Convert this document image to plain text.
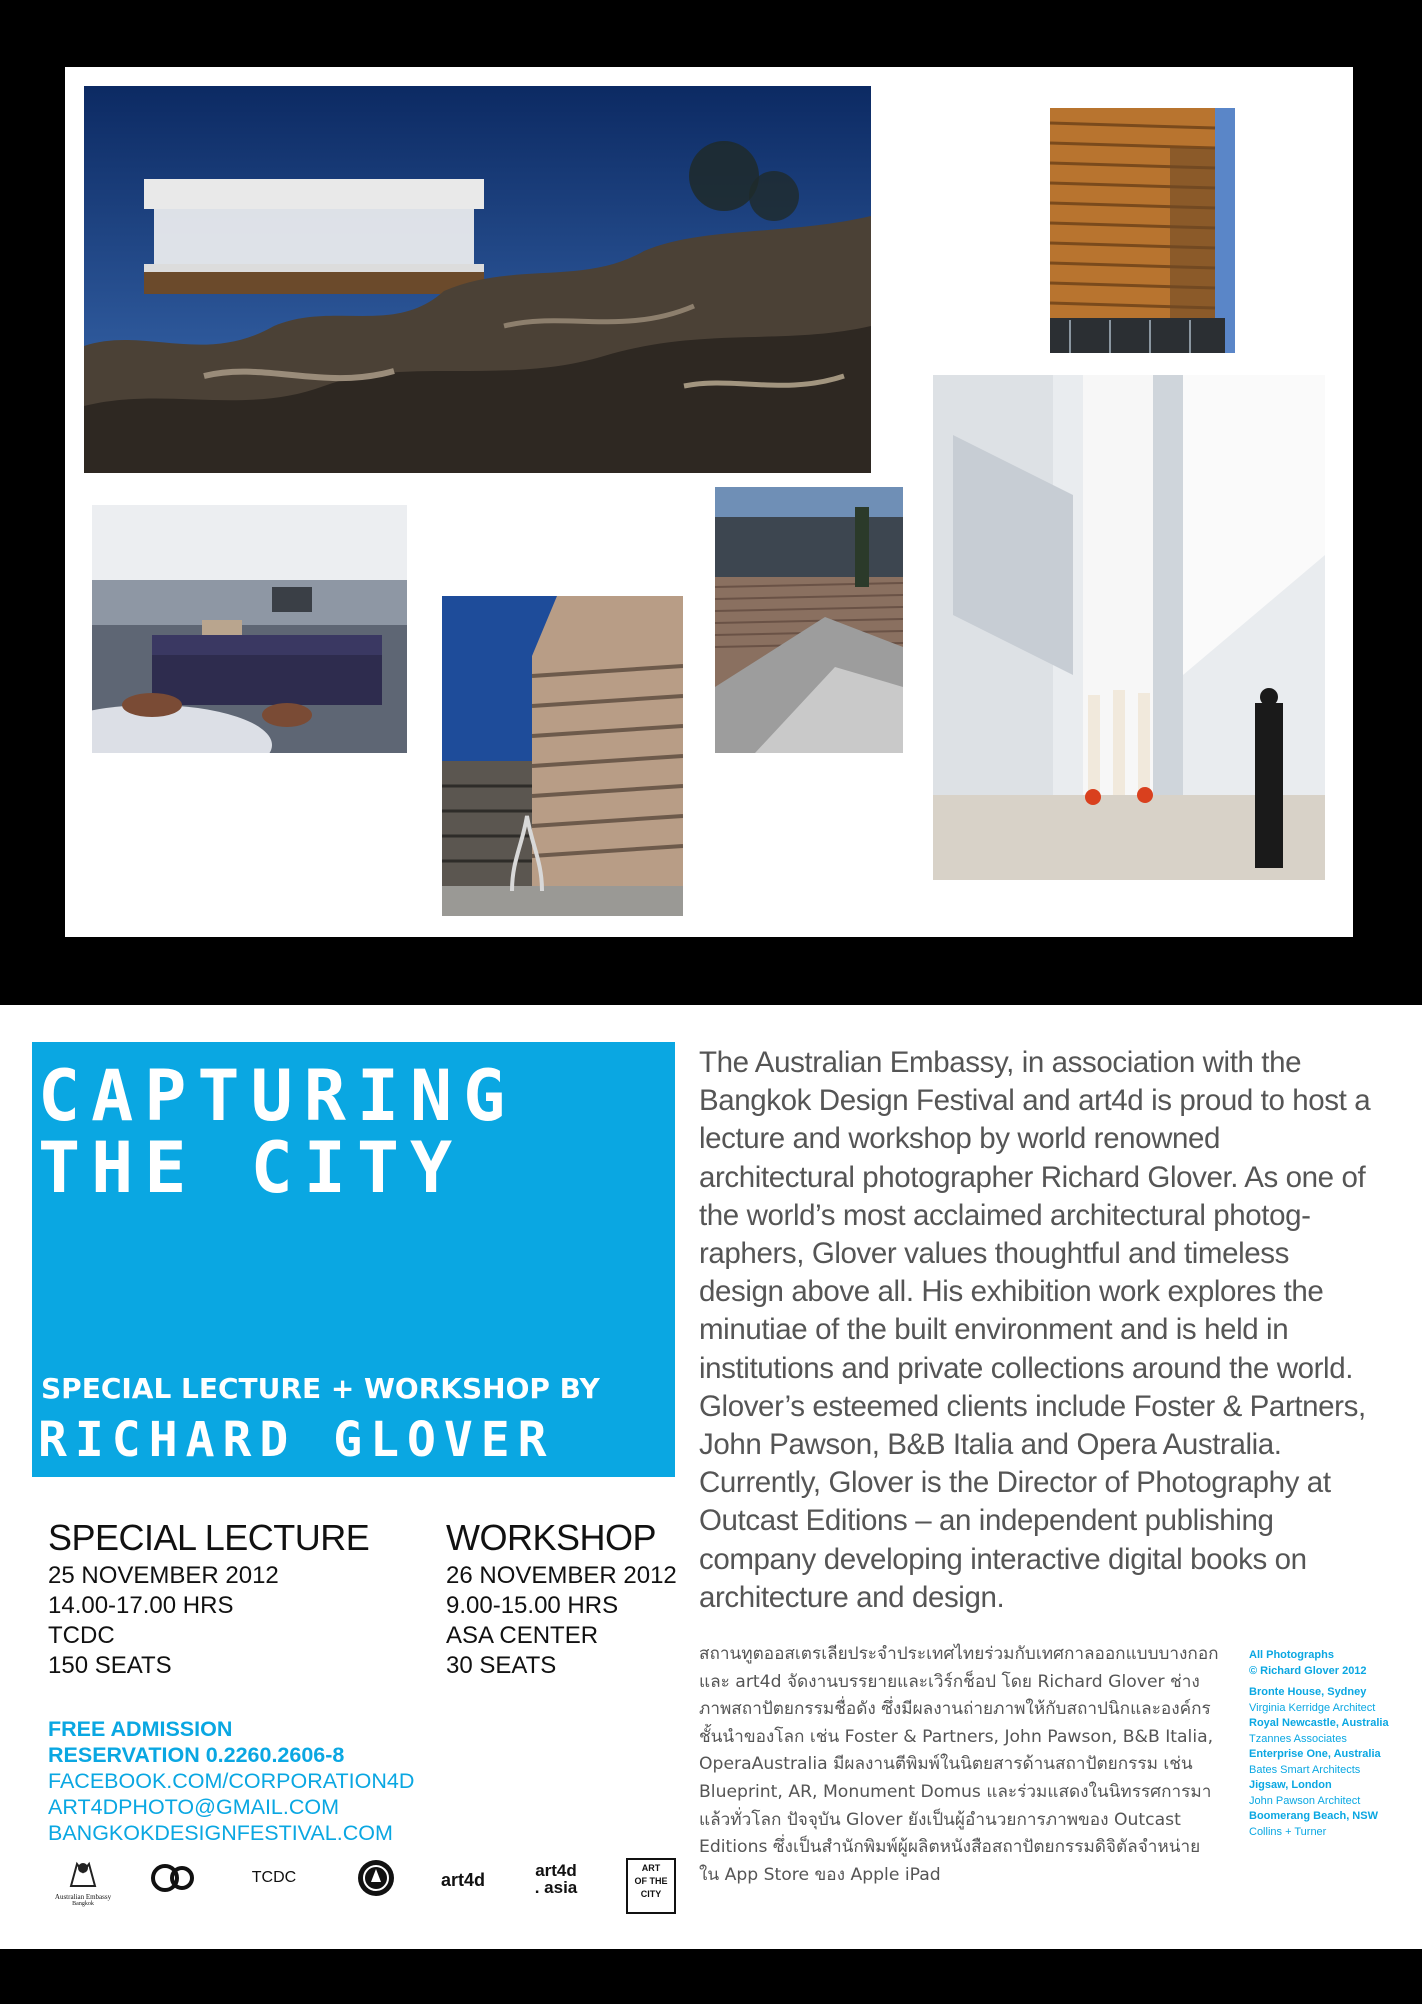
CAPTURING
THE CITY
SPECIAL LECTURE + WORKSHOP BY
RICHARD GLOVER
SPECIAL LECTURE
25 NOVEMBER 2012
14.00-17.00 HRS
TCDC
150 SEATS
WORKSHOP
26 NOVEMBER 2012
9.00-15.00 HRS
ASA CENTER
30 SEATS
FREE ADMISSION
RESERVATION 0.2260.2606-8
FACEBOOK.COM/CORPORATION4D
ART4DPHOTO@GMAIL.COM
BANGKOKDESIGNFESTIVAL.COM
Australian Embassy
Bangkok
TCDC	art4d	art4d
. asia
ART
OF THE
CITY
The Australian Embassy, in association with the Bangkok Design Festival and art4d is proud to host a lecture and workshop by world renowned architectural photographer Richard Glover. As one of the world’s most acclaimed architectural photog-raphers, Glover values thoughtful and timeless design above all. His exhibition work explores the minutiae of the built environment and is held in institutions and private collections around the world. Glover’s esteemed clients include Foster & Partners, John Pawson, B&B Italia and Opera Australia. Currently, Glover is the Director of Photography at Outcast Editions – an independent publishing company developing interactive digital books on architecture and design.
สถานทูตออสเตรเลียประจำประเทศไทยร่วมกับเทศกาลออกแบบบางกอก และ art4d จัดงานบรรยายและเวิร์กช็อป โดย Richard Glover ช่างภาพสถาปัตยกรรมชื่อดัง ซึ่งมีผลงานถ่ายภาพให้กับสถาปนิกและองค์กรชั้นนำของโลก เช่น Foster & Partners, John Pawson, B&B Italia, OperaAustralia มีผลงานตีพิมพ์ในนิตยสารด้านสถาปัตยกรรม เช่น Blueprint, AR, Monument Domus และร่วมแสดงในนิทรรศการมาแล้วทั่วโลก ปัจจุบัน Glover ยังเป็นผู้อำนวยการภาพของ Outcast Editions ซึ่งเป็นสำนักพิมพ์ผู้ผลิตหนังสือสถาปัตยกรรมดิจิตัลจำหน่ายใน App Store ของ Apple iPad
All Photographs
© Richard Glover 2012
Bronte House, Sydney
Virginia Kerridge Architect
Royal Newcastle, Australia
Tzannes Associates
Enterprise One, Australia
Bates Smart Architects
Jigsaw, London
John Pawson Architect
Boomerang Beach, NSW
Collins + Turner
